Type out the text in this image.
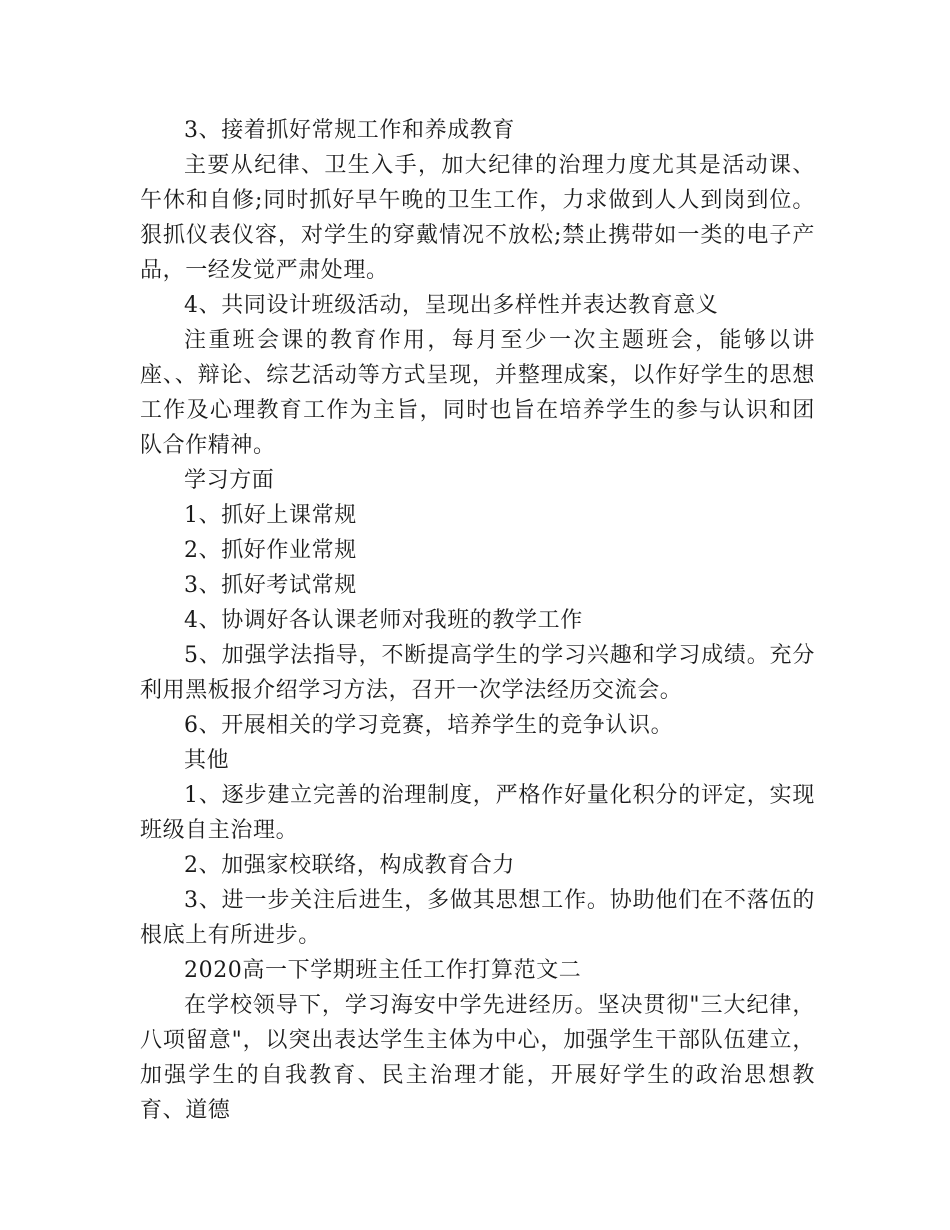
3、接着抓好常规工作和养成教育

主要从纪律、卫生入手，加大纪律的治理力度尤其是活动课、午休和自修;同时抓好早午晚的卫生工作，力求做到人人到岗到位。狠抓仪表仪容，对学生的穿戴情况不放松;禁止携带如一类的电子产品，一经发觉严肃处理。

4、共同设计班级活动，呈现出多样性并表达教育意义

注重班会课的教育作用，每月至少一次主题班会，能够以讲座、、辩论、综艺活动等方式呈现，并整理成案，以作好学生的思想工作及心理教育工作为主旨，同时也旨在培养学生的参与认识和团队合作精神。

学习方面

1、抓好上课常规

2、抓好作业常规

3、抓好考试常规

4、协调好各认课老师对我班的教学工作

5、加强学法指导，不断提高学生的学习兴趣和学习成绩。充分利用黑板报介绍学习方法，召开一次学法经历交流会。

6、开展相关的学习竞赛，培养学生的竞争认识。

其他

1、逐步建立完善的治理制度，严格作好量化积分的评定，实现班级自主治理。

2、加强家校联络，构成教育合力

3、进一步关注后进生，多做其思想工作。协助他们在不落伍的根底上有所进步。

2020高一下学期班主任工作打算范文二

在学校领导下，学习海安中学先进经历。坚决贯彻"三大纪律，八项留意"，以突出表达学生主体为中心，加强学生干部队伍建立，加强学生的自我教育、民主治理才能，开展好学生的政治思想教育、道德
